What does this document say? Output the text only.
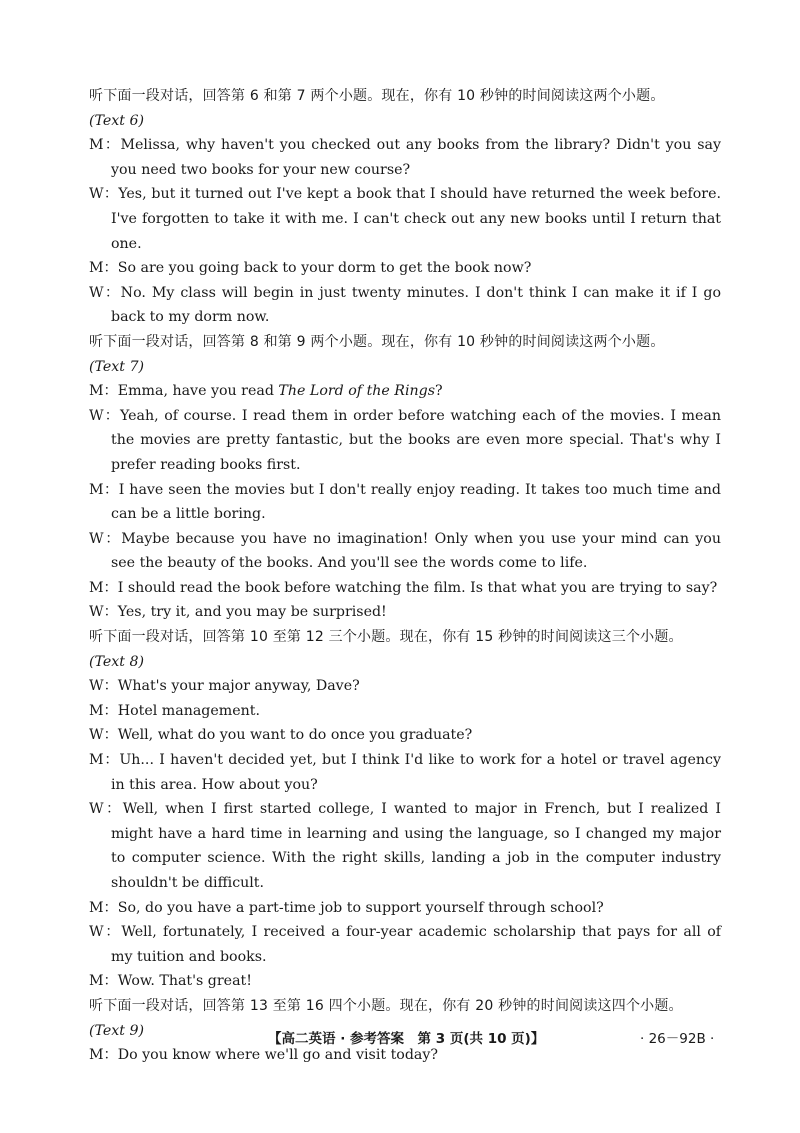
听下面一段对话，回答第 6 和第 7 两个小题。现在，你有 10 秒钟的时间阅读这两个小题。
(Text 6)
M：Melissa, why haven't you checked out any books from the library? Didn't you say you need two books for your new course?
W：Yes, but it turned out I've kept a book that I should have returned the week before. I've forgotten to take it with me. I can't check out any new books until I return that one.
M：So are you going back to your dorm to get the book now?
W：No. My class will begin in just twenty minutes. I don't think I can make it if I go back to my dorm now.
听下面一段对话，回答第 8 和第 9 两个小题。现在，你有 10 秒钟的时间阅读这两个小题。
(Text 7)
M：Emma, have you read The Lord of the Rings?
W：Yeah, of course. I read them in order before watching each of the movies. I mean the movies are pretty fantastic, but the books are even more special. That's why I prefer reading books first.
M：I have seen the movies but I don't really enjoy reading. It takes too much time and can be a little boring.
W：Maybe because you have no imagination! Only when you use your mind can you see the beauty of the books. And you'll see the words come to life.
M：I should read the book before watching the film. Is that what you are trying to say?
W：Yes, try it, and you may be surprised!
听下面一段对话，回答第 10 至第 12 三个小题。现在，你有 15 秒钟的时间阅读这三个小题。
(Text 8)
W：What's your major anyway, Dave?
M：Hotel management.
W：Well, what do you want to do once you graduate?
M：Uh... I haven't decided yet, but I think I'd like to work for a hotel or travel agency in this area. How about you?
W：Well, when I first started college, I wanted to major in French, but I realized I might have a hard time in learning and using the language, so I changed my major to computer science. With the right skills, landing a job in the computer industry shouldn't be difficult.
M：So, do you have a part-time job to support yourself through school?
W：Well, fortunately, I received a four-year academic scholarship that pays for all of my tuition and books.
M：Wow. That's great!
听下面一段对话，回答第 13 至第 16 四个小题。现在，你有 20 秒钟的时间阅读这四个小题。
(Text 9)
M：Do you know where we'll go and visit today?
【高二英语 · 参考答案　第 3 页(共 10 页)】	· 26－92B ·
